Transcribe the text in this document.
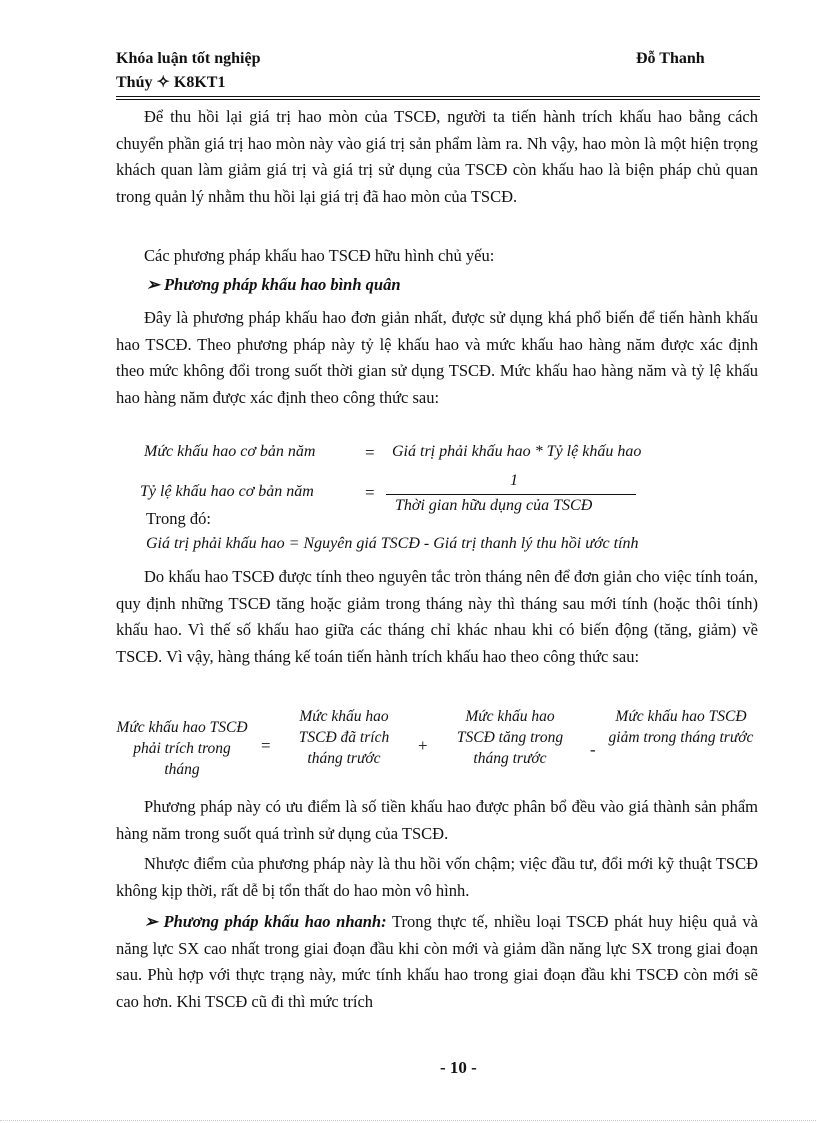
Khóa luận tốt nghiệp	Đỗ Thanh
Thúy ✧ K8KT1

Để thu hồi lại giá trị hao mòn của TSCĐ, người ta tiến hành trích khấu hao bằng cách chuyển phần giá trị hao mòn này vào giá trị sản phẩm làm ra. Nh vậy, hao mòn là một hiện trọng khách quan làm giảm giá trị và giá trị sử dụng của TSCĐ còn khấu hao là biện pháp chủ quan trong quản lý nhằm thu hồi lại giá trị đã hao mòn của TSCĐ.

Các phương pháp khấu hao TSCĐ hữu hình chủ yếu:

➢ Phương pháp khấu hao bình quân

Đây là phương pháp khấu hao đơn giản nhất, được sử dụng khá phổ biến để tiến hành khấu hao TSCĐ. Theo phương pháp này tỷ lệ khấu hao và mức khấu hao hàng năm được xác định theo mức không đổi trong suốt thời gian sử dụng TSCĐ. Mức khấu hao hàng năm và tỷ lệ khấu hao hàng năm được xác định theo công thức sau:

Mức khấu hao cơ bản năm	= Giá trị phải khấu hao * Tỷ lệ khấu hao
Tỷ lệ khấu hao cơ bản năm	=
1
Thời gian hữu dụng của TSCĐ
Trong đó:
Giá trị phải khấu hao = Nguyên giá TSCĐ - Giá trị thanh lý thu hồi ước tính

Do khấu hao TSCĐ được tính theo nguyên tắc tròn tháng nên để đơn giản cho việc tính toán, quy định những TSCĐ tăng hoặc giảm trong tháng này thì tháng sau mới tính (hoặc thôi tính) khấu hao. Vì thế số khấu hao giữa các tháng chỉ khác nhau khi có biến động (tăng, giảm) về TSCĐ. Vì vậy, hàng tháng kế toán tiến hành trích khấu hao theo công thức sau:

Mức khấu hao TSCĐ phải trích trong tháng
=
Mức khấu hao TSCĐ đã trích tháng trước
+
Mức khấu hao TSCĐ tăng trong tháng trước	-
Mức khấu hao TSCĐ giảm trong tháng trước

Phương pháp này có ưu điểm là số tiền khấu hao được phân bổ đều vào giá thành sản phẩm hàng năm trong suốt quá trình sử dụng của TSCĐ.

Nhược điểm của phương pháp này là thu hồi vốn chậm; việc đầu tư, đổi mới kỹ thuật TSCĐ không kịp thời, rất dễ bị tổn thất do hao mòn vô hình.

➢ Phương pháp khấu hao nhanh: Trong thực tế, nhiều loại TSCĐ phát huy hiệu quả và năng lực SX cao nhất trong giai đoạn đầu khi còn mới và giảm dần năng lực SX trong giai đoạn sau. Phù hợp với thực trạng này, mức tính khấu hao trong giai đoạn đầu khi TSCĐ còn mới sẽ cao hơn. Khi TSCĐ cũ đi thì mức trích

- 10 -
